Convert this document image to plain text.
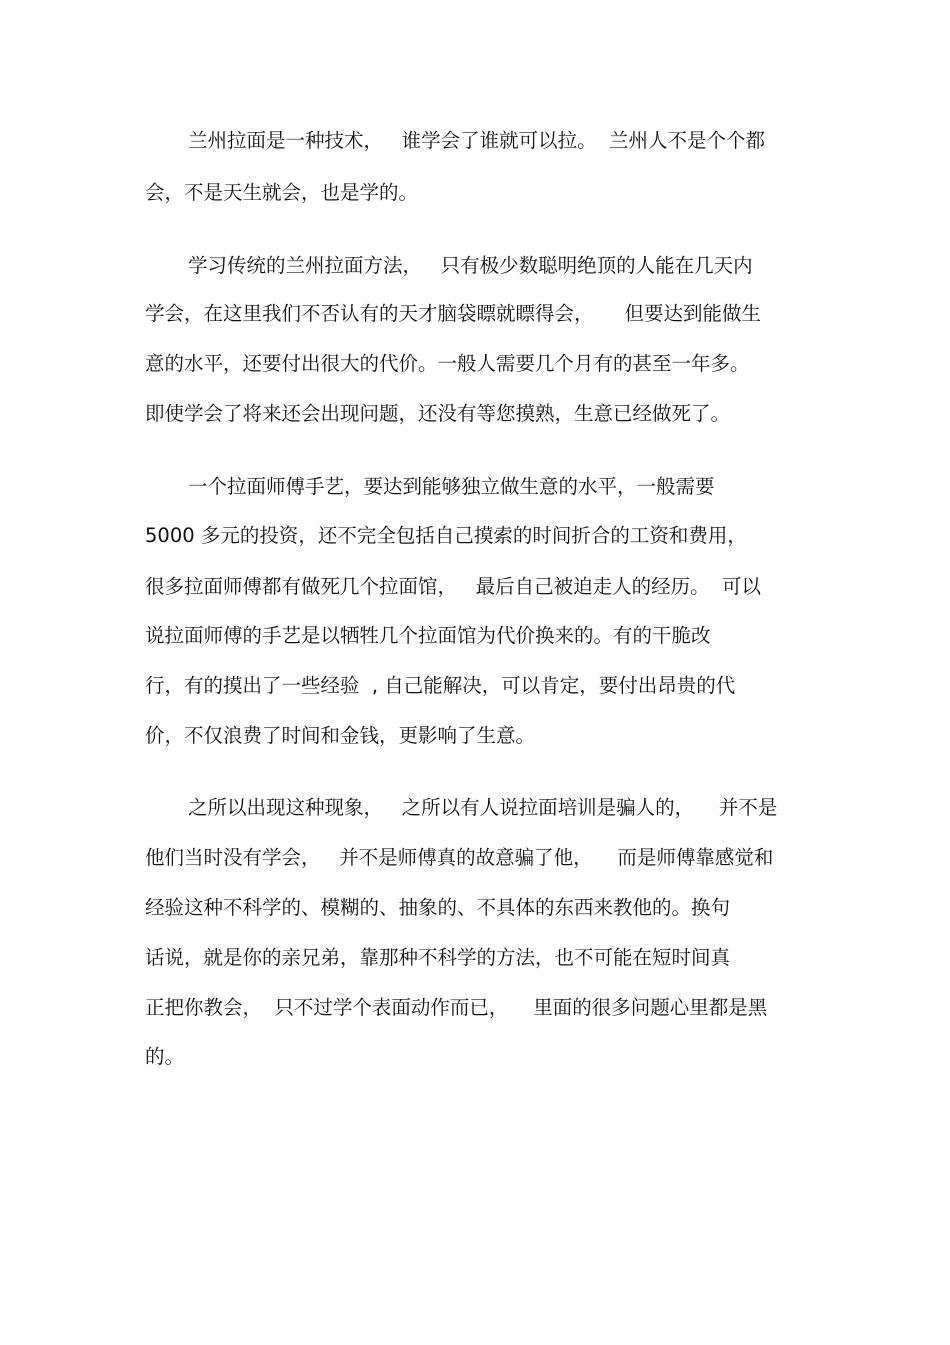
兰州拉面是一种技术，   谁学会了谁就可以拉。  兰州人不是个个都
会，不是天生就会，也是学的。
学习传统的兰州拉面方法，   只有极少数聪明绝顶的人能在几天内
学会，在这里我们不否认有的天才脑袋瞟就瞟得会，     但要达到能做生
意的水平，还要付出很大的代价。一般人需要几个月有的甚至一年多。
即使学会了将来还会出现问题，还没有等您摸熟，生意已经做死了。
一个拉面师傅手艺，要达到能够独立做生意的水平，一般需要
5000 多元的投资，还不完全包括自己摸索的时间折合的工资和费用，
很多拉面师傅都有做死几个拉面馆，   最后自己被迫走人的经历。  可以
说拉面师傅的手艺是以牺牲几个拉面馆为代价换来的。有的干脆改
行，有的摸出了一些经验  , 自己能解决，可以肯定，要付出昂贵的代
价，不仅浪费了时间和金钱，更影响了生意。
之所以出现这种现象，   之所以有人说拉面培训是骗人的，    并不是
他们当时没有学会，   并不是师傅真的故意骗了他，    而是师傅靠感觉和
经验这种不科学的、模糊的、抽象的、不具体的东西来教他的。换句
话说，就是你的亲兄弟，靠那种不科学的方法，也不可能在短时间真
正把你教会，  只不过学个表面动作而已，    里面的很多问题心里都是黑
的。
